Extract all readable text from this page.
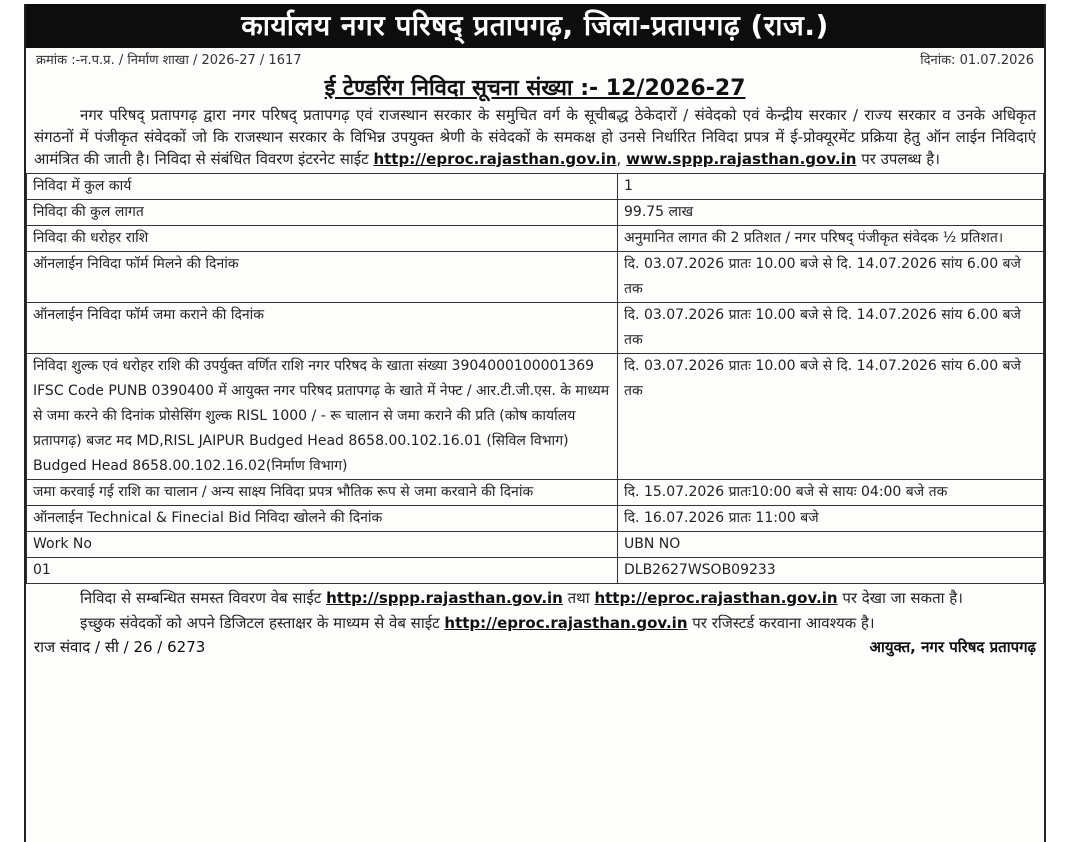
कार्यालय नगर परिषद् प्रतापगढ़, जिला-प्रतापगढ़ (राज.)
क्रमांक :-न.प.प्र. / निर्माण शाखा / 2026-27 / 1617	दिनांक: 01.07.2026
ई टेण्डरिंग निविदा सूचना संख्या :- 12/2026-27
नगर परिषद् प्रतापगढ़ द्वारा नगर परिषद् प्रतापगढ़ एवं राजस्थान सरकार के समुचित वर्ग के सूचीबद्ध ठेकेदारों / संवेदको एवं केन्द्रीय सरकार / राज्य सरकार व उनके अधिकृत संगठनों में पंजीकृत संवेदकों जो कि राजस्थान सरकार के विभिन्न उपयुक्त श्रेणी के संवेदकों के समकक्ष हो उनसे निर्धारित निविदा प्रपत्र में ई-प्रोक्यूरमेंट प्रक्रिया हेतु ऑन लाईन निविदाएं आमंत्रित की जाती है। निविदा से संबंधित विवरण इंटरनेट साईट http://eproc.rajasthan.gov.in, www.sppp.rajasthan.gov.in पर उपलब्ध है।
निविदा में कुल कार्य	1
निविदा की कुल लागत	99.75 लाख
निविदा की धरोहर राशि	अनुमानित लागत की 2 प्रतिशत / नगर परिषद् पंजीकृत संवेदक ½ प्रतिशत।
ऑनलाईन निविदा फॉर्म मिलने की दिनांक	दि. 03.07.2026 प्रातः 10.00 बजे से दि. 14.07.2026 सांय 6.00 बजे तक
ऑनलाईन निविदा फॉर्म जमा कराने की दिनांक	दि. 03.07.2026 प्रातः 10.00 बजे से दि. 14.07.2026 सांय 6.00 बजे तक
निविदा शुल्क एवं धरोहर राशि की उपर्युक्त वर्णित राशि नगर परिषद के खाता संख्या 3904000100001369 IFSC Code PUNB 0390400 में आयुक्त नगर परिषद प्रतापगढ़ के खाते में नेफ्ट / आर.टी.जी.एस. के माध्यम से जमा करने की दिनांक प्रोसेसिंग शुल्क RISL 1000 / - रू चालान से जमा कराने की प्रति (कोष कार्यालय प्रतापगढ़) बजट मद MD,RISL JAIPUR Budged Head 8658.00.102.16.01 (सिविल विभाग) Budged Head 8658.00.102.16.02(निर्माण विभाग)	दि. 03.07.2026 प्रातः 10.00 बजे से दि. 14.07.2026 सांय 6.00 बजे तक
जमा करवाई गई राशि का चालान / अन्य साक्ष्य निविदा प्रपत्र भौतिक रूप से जमा करवाने की दिनांक	दि. 15.07.2026 प्रातः10:00 बजे से सायः 04:00 बजे तक
ऑनलाईन Technical & Finecial Bid निविदा खोलने की दिनांक	दि. 16.07.2026 प्रातः 11:00 बजे
Work No	UBN NO
01	DLB2627WSOB09233

निविदा से सम्बन्धित समस्त विवरण वेब साईट http://sppp.rajasthan.gov.in तथा http://eproc.rajasthan.gov.in पर देखा जा सकता है।

इच्छुक संवेदकों को अपने डिजिटल हस्ताक्षर के माध्यम से वेब साईट http://eproc.rajasthan.gov.in पर रजिस्टर्ड करवाना आवश्यक है।

राज संवाद / सी / 26 / 6273	आयुक्त, नगर परिषद प्रतापगढ़
